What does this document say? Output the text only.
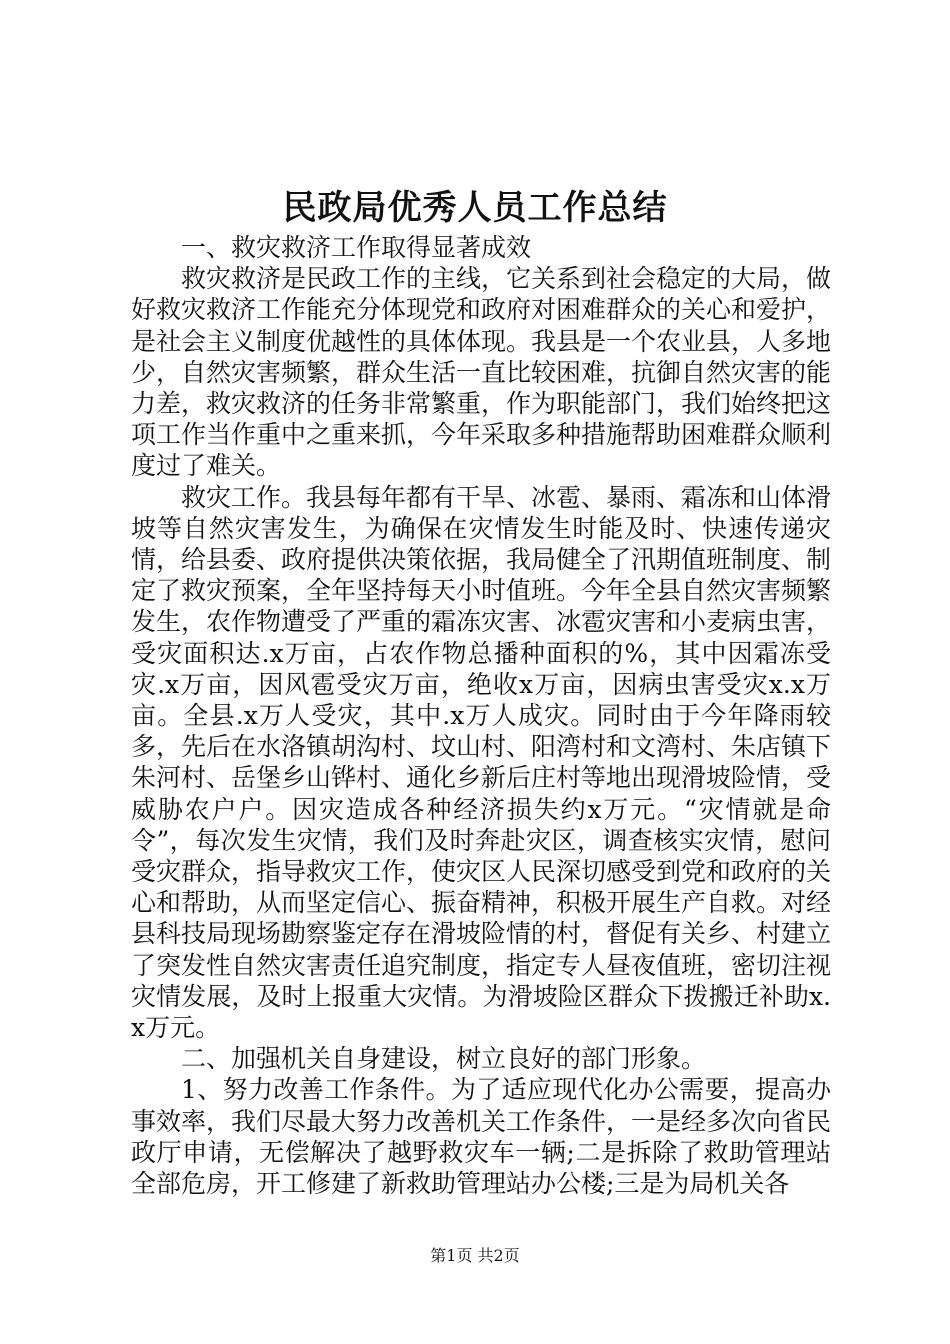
民政局优秀人员工作总结

一、救灾救济工作取得显著成效

救灾救济是民政工作的主线，它关系到社会稳定的大局，做好救灾救济工作能充分体现党和政府对困难群众的关心和爱护，是社会主义制度优越性的具体体现。我县是一个农业县，人多地少，自然灾害频繁，群众生活一直比较困难，抗御自然灾害的能力差，救灾救济的任务非常繁重，作为职能部门，我们始终把这项工作当作重中之重来抓，今年采取多种措施帮助困难群众顺利度过了难关。

救灾工作。我县每年都有干旱、冰雹、暴雨、霜冻和山体滑坡等自然灾害发生，为确保在灾情发生时能及时、快速传递灾情，给县委、政府提供决策依据，我局健全了汛期值班制度、制定了救灾预案，全年坚持每天小时值班。今年全县自然灾害频繁发生，农作物遭受了严重的霜冻灾害、冰雹灾害和小麦病虫害，受灾面积达.x万亩，占农作物总播种面积的%，其中因霜冻受灾.x万亩，因风雹受灾万亩，绝收x万亩，因病虫害受灾x.x万亩。全县.x万人受灾，其中.x万人成灾。同时由于今年降雨较多，先后在水洛镇胡沟村、坟山村、阳湾村和文湾村、朱店镇下朱河村、岳堡乡山铧村、通化乡新后庄村等地出现滑坡险情，受威胁农户户。因灾造成各种经济损失约x万元。“灾情就是命令”，每次发生灾情，我们及时奔赴灾区，调查核实灾情，慰问受灾群众，指导救灾工作，使灾区人民深切感受到党和政府的关心和帮助，从而坚定信心、振奋精神，积极开展生产自救。对经县科技局现场勘察鉴定存在滑坡险情的村，督促有关乡、村建立了突发性自然灾害责任追究制度，指定专人昼夜值班，密切注视灾情发展，及时上报重大灾情。为滑坡险区群众下拨搬迁补助x.x万元。

二、加强机关自身建设，树立良好的部门形象。

1、努力改善工作条件。为了适应现代化办公需要，提高办事效率，我们尽最大努力改善机关工作条件，一是经多次向省民政厅申请，无偿解决了越野救灾车一辆;二是拆除了救助管理站全部危房，开工修建了新救助管理站办公楼;三是为局机关各

第1页 共2页
